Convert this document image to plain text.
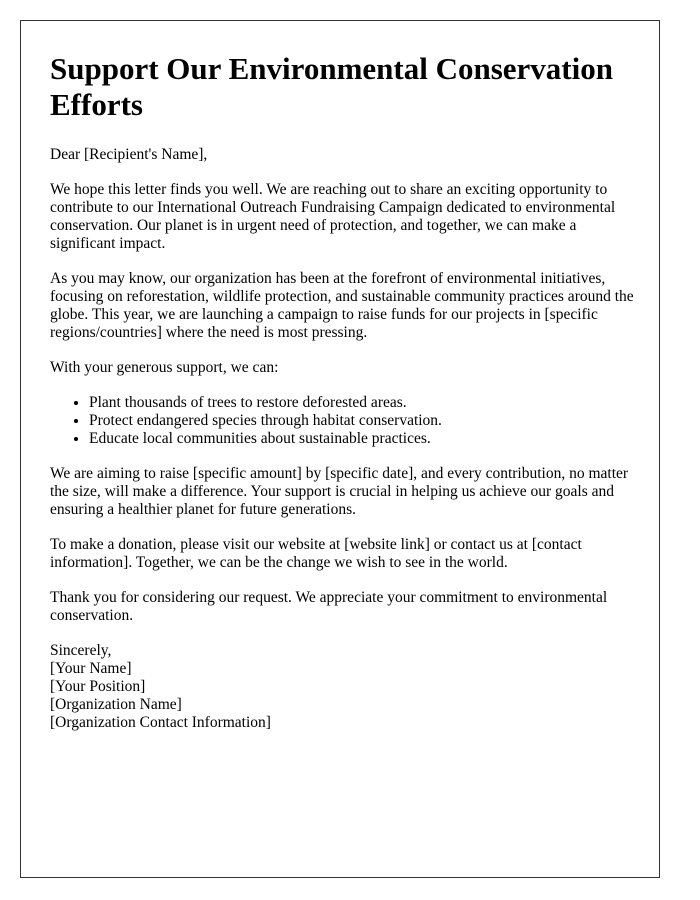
Support Our Environmental Conservation Efforts

Dear [Recipient's Name],

We hope this letter finds you well. We are reaching out to share an exciting opportunity to contribute to our International Outreach Fundraising Campaign dedicated to environmental conservation. Our planet is in urgent need of protection, and together, we can make a significant impact.

As you may know, our organization has been at the forefront of environmental initiatives, focusing on reforestation, wildlife protection, and sustainable community practices around the globe. This year, we are launching a campaign to raise funds for our projects in [specific regions/countries] where the need is most pressing.

With your generous support, we can:

• Plant thousands of trees to restore deforested areas.
• Protect endangered species through habitat conservation.
• Educate local communities about sustainable practices.

We are aiming to raise [specific amount] by [specific date], and every contribution, no matter the size, will make a difference. Your support is crucial in helping us achieve our goals and ensuring a healthier planet for future generations.

To make a donation, please visit our website at [website link] or contact us at [contact information]. Together, we can be the change we wish to see in the world.

Thank you for considering our request. We appreciate your commitment to environmental conservation.

Sincerely,
[Your Name]
[Your Position]
[Organization Name]
[Organization Contact Information]
